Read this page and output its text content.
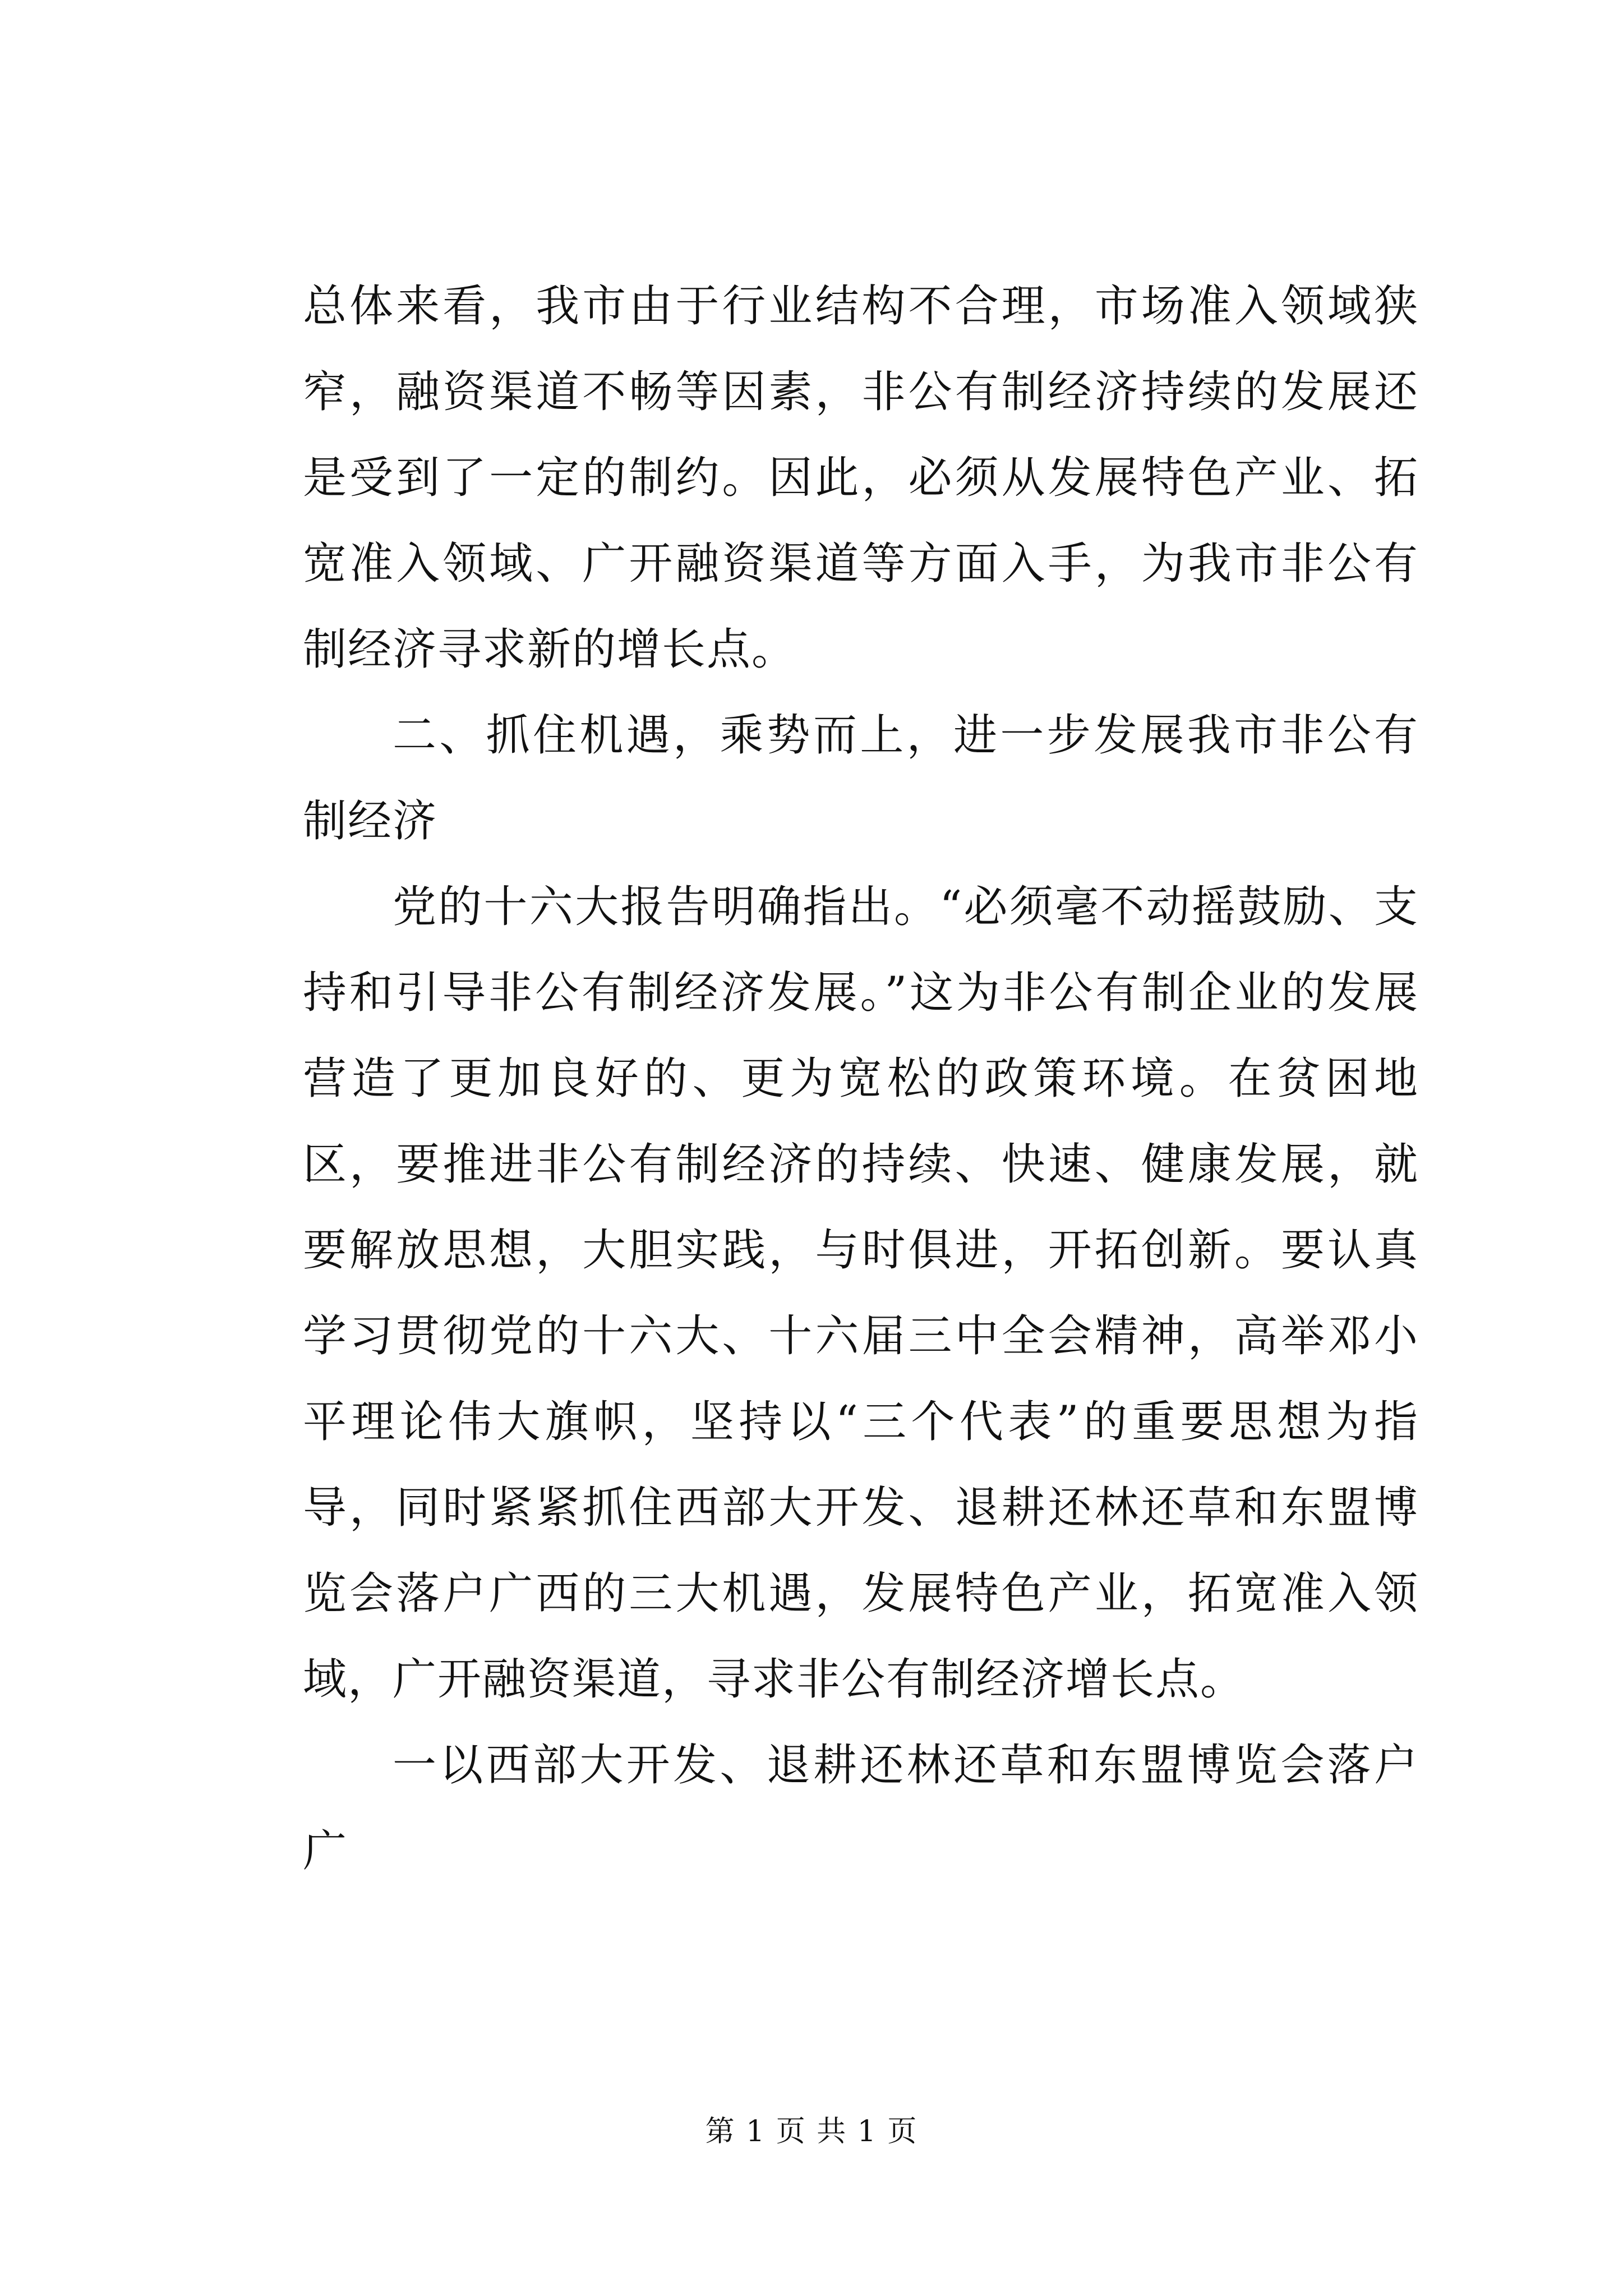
总体来看，我市由于行业结构不合理，市场准入领域狭窄，融资渠道不畅等因素，非公有制经济持续的发展还是受到了一定的制约。因此，必须从发展特色产业、拓宽准入领域、广开融资渠道等方面入手，为我市非公有制经济寻求新的增长点。

二、抓住机遇，乘势而上，进一步发展我市非公有制经济

党的十六大报告明确指出。“必须毫不动摇鼓励、支持和引导非公有制经济发展。”这为非公有制企业的发展营造了更加良好的、更为宽松的政策环境。在贫困地区，要推进非公有制经济的持续、快速、健康发展，就要解放思想，大胆实践，与时俱进，开拓创新。要认真学习贯彻党的十六大、十六届三中全会精神，高举邓小平理论伟大旗帜，坚持以“三个代表”的重要思想为指导，同时紧紧抓住西部大开发、退耕还林还草和东盟博览会落户广西的三大机遇，发展特色产业，拓宽准入领域，广开融资渠道，寻求非公有制经济增长点。

一以西部大开发、退耕还林还草和东盟博览会落户广

第 1 页 共 1 页
